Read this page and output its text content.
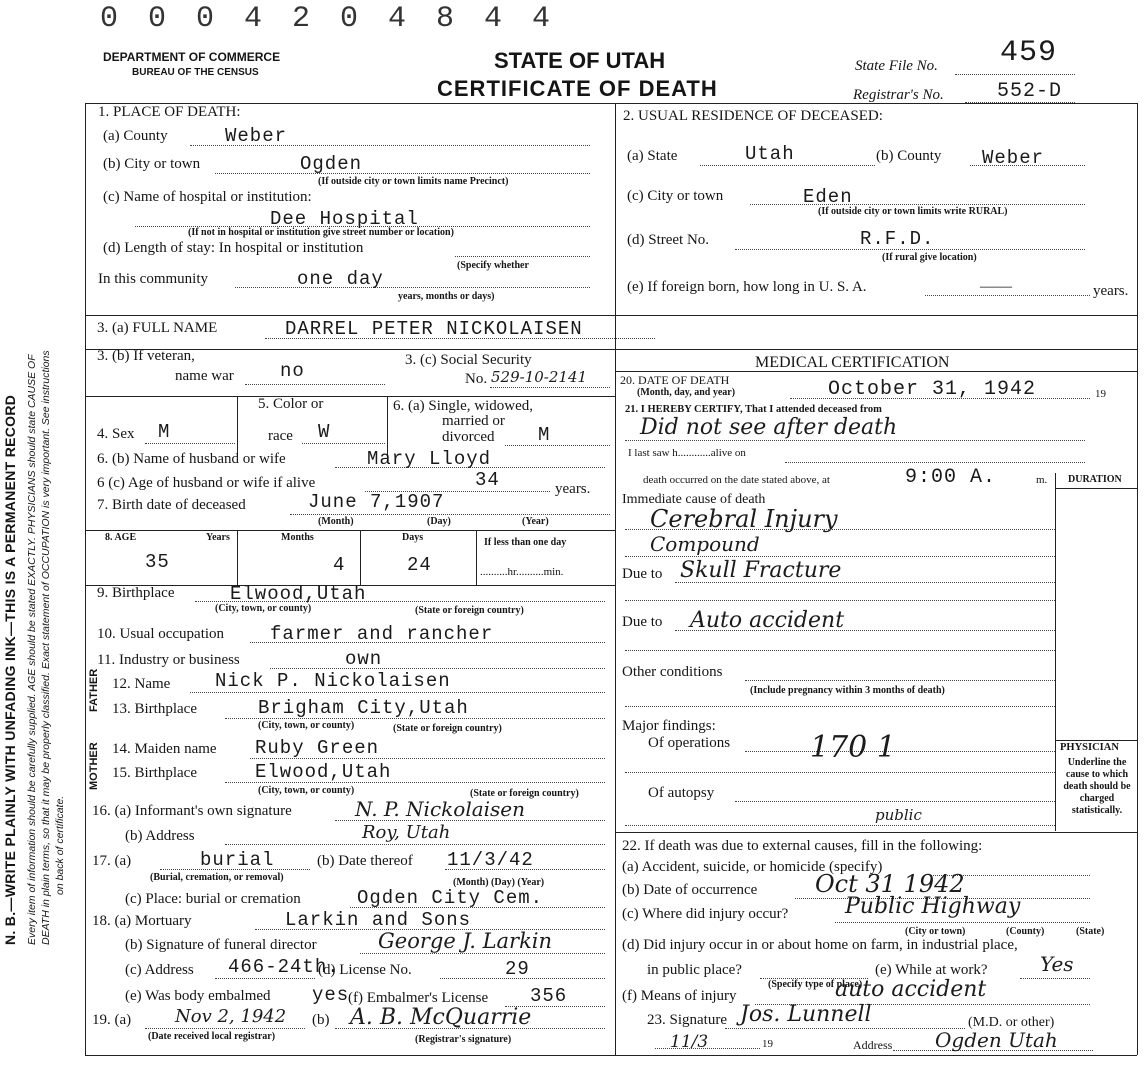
N. B.—WRITE PLAINLY WITH UNFADING INK—THIS IS A PERMANENT RECORD Every item of information should be carefully supplied. AGE should be stated EXACTLY. PHYSICIANS should state CAUSE OF DEATH in plain terms, so that it may be properly classified. Exact statement of OCCUPATION is very important. See instructions on back of certificate.
0 0 0 4 2 0 4 8 4 4
DEPARTMENT OF COMMERCE
BUREAU OF THE CENSUS	STATE OF UTAH
CERTIFICATE OF DEATH
State File No. 459
Registrar's No.	552-D
1. PLACE OF DEATH:
(a) County	Weber
(b) City or town	Ogden
(If outside city or town limits name Precinct)
(c) Name of hospital or institution:
Dee Hospital
(If not in hospital or institution give street number or location)
(d) Length of stay: In hospital or institution
(Specify whether
In this community	one day
years, months or days)
2. USUAL RESIDENCE OF DECEASED:
(a) State	Utah	(b) County Weber
(c) City or town	Eden
(If outside city or town limits write RURAL)
(d) Street No.	R.F.D.
(If rural give location)
(e) If foreign born, how long in U. S. A.	——	years.
3. (a) FULL NAME	DARREL PETER NICKOLAISEN
3. (b) If veteran,
name war no	3. (c) Social Security
No. 529-10-2141
MEDICAL CERTIFICATION
20. DATE OF DEATH
(Month, day, and year)	October 31, 1942	19
4. Sex M
5. Color or
race W
6. (a) Single, widowed,
married or
divorced M
21. I HEREBY CERTIFY, That I attended deceased from
Did not see after death
I last saw h............alive on
death occurred on the date stated above, at	9:00 A.	m. DURATION
6. (b) Name of husband or wife	Mary Lloyd
6 (c) Age of husband or wife if alive	34	years.
7. Birth date of deceased	June 7,1907
(Month)	(Day)	(Year)
Immediate cause of death
Cerebral Injury
Compound
Due to Skull Fracture
Due to Auto accident
Other conditions
(Include pregnancy within 3 months of death)
Major findings:
Of operations	170 1
Of autopsy
public
PHYSICIAN
Underline the cause to which death should be charged statistically.
8. AGE	Years	Months	Days	If less than one day
35	4	24	..........hr..........min.
9. Birthplace	Elwood,Utah
(City, town, or county)	(State or foreign country)
10. Usual occupation farmer and rancher
11. Industry or business	own
FATHER
MOTHER
12. Name Nick P. Nickolaisen
13. Birthplace	Brigham City,Utah
(City, town, or county)	(State or foreign country)
14. Maiden name Ruby Green
15. Birthplace	Elwood,Utah
(City, town, or county)	(State or foreign country)
16. (a) Informant's own signature	N. P. Nickolaisen
(b) Address	Roy, Utah
17. (a)	burial
(Burial, cremation, or removal)
(b) Date thereof 11/3/42
(Month) (Day) (Year)
(c) Place: burial or cremation	Ogden City Cem.
18. (a) Mortuary	Larkin and Sons
(b) Signature of funeral director	George J. Larkin
(c) Address 466-24th.
(d) License No.	29
(e) Was body embalmed yes
(f) Embalmer's License 356
19. (a) Nov 2, 1942
(Date received local registrar)
(b) A. B. McQuarrie
(Registrar's signature)
22. If death was due to external causes, fill in the following:
(a) Accident, suicide, or homicide (specify)
(b) Date of occurrence Oct 31 1942
(c) Where did injury occur?	Public Highway
(City or town)	(County)	(State)
(d) Did injury occur in or about home on farm, in industrial place,
in public place?
(Specify type of place)
(e) While at work?	Yes
(f) Means of injury	auto accident
23. Signature Jos. Lunnell	(M.D. or other)
11/3	19	Address Ogden Utah
